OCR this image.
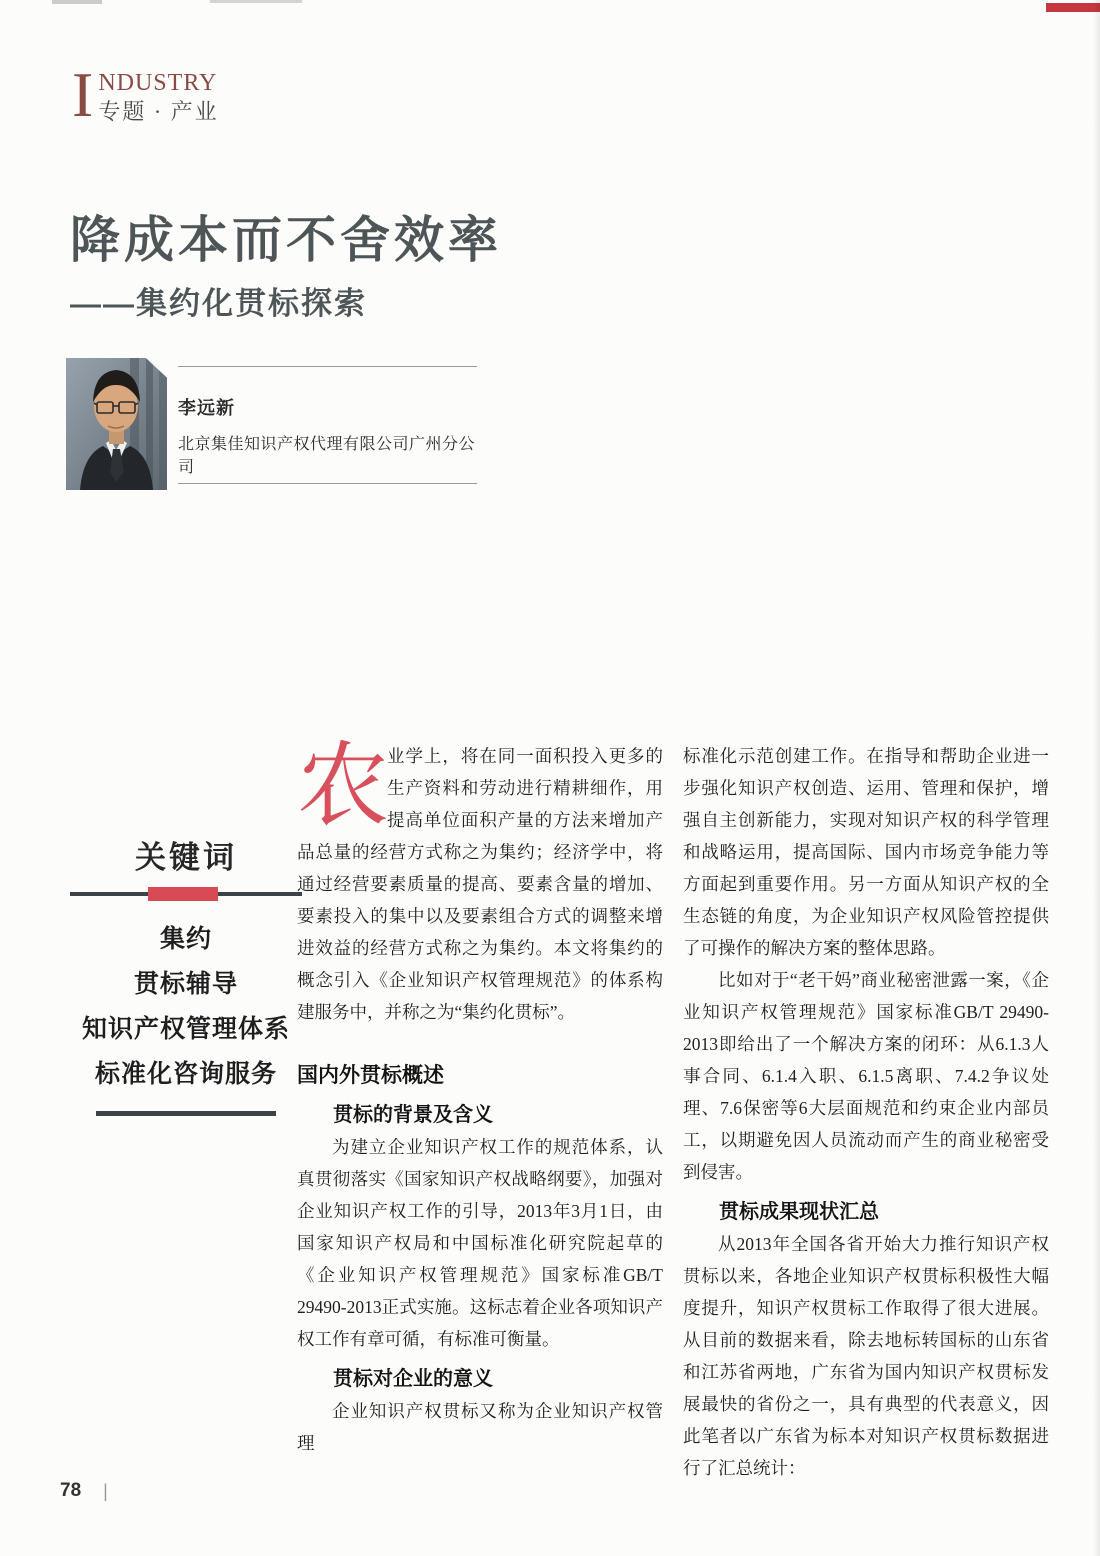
I NDUSTRY
专题 · 产业
降成本而不舍效率
——集约化贯标探索
李远新
北京集佳知识产权代理有限公司广州分公司
关键词
集约
贯标辅导
知识产权管理体系
标准化咨询服务

农
业学上，将在同一面积投入更多的生产资料和劳动进行精耕细作，用提高单位面积产量的方法来增加产品总量的经营方式称之为集约；经济学中，将通过经营要素质量的提高、要素含量的增加、要素投入的集中以及要素组合方式的调整来增进效益的经营方式称之为集约。本文将集约的概念引入《企业知识产权管理规范》的体系构建服务中，并称之为“集约化贯标”。

国内外贯标概述
贯标的背景及含义

为建立企业知识产权工作的规范体系，认真贯彻落实《国家知识产权战略纲要》，加强对企业知识产权工作的引导，2013年3月1日，由国家知识产权局和中国标准化研究院起草的《企业知识产权管理规范》国家标准GB/T 29490-2013正式实施。这标志着企业各项知识产权工作有章可循，有标准可衡量。

贯标对企业的意义

企业知识产权贯标又称为企业知识产权管理

标准化示范创建工作。在指导和帮助企业进一步强化知识产权创造、运用、管理和保护，增强自主创新能力，实现对知识产权的科学管理和战略运用，提高国际、国内市场竞争能力等方面起到重要作用。另一方面从知识产权的全生态链的角度，为企业知识产权风险管控提供了可操作的解决方案的整体思路。

比如对于“老干妈”商业秘密泄露一案，《企业知识产权管理规范》国家标准GB/T 29490-2013即给出了一个解决方案的闭环：从6.1.3人事合同、6.1.4入职、6.1.5离职、7.4.2争议处理、7.6保密等6大层面规范和约束企业内部员工，以期避免因人员流动而产生的商业秘密受到侵害。

贯标成果现状汇总

从2013年全国各省开始大力推行知识产权贯标以来，各地企业知识产权贯标积极性大幅度提升，知识产权贯标工作取得了很大进展。从目前的数据来看，除去地标转国标的山东省和江苏省两地，广东省为国内知识产权贯标发展最快的省份之一，具有典型的代表意义，因此笔者以广东省为标本对知识产权贯标数据进行了汇总统计：

78 |
